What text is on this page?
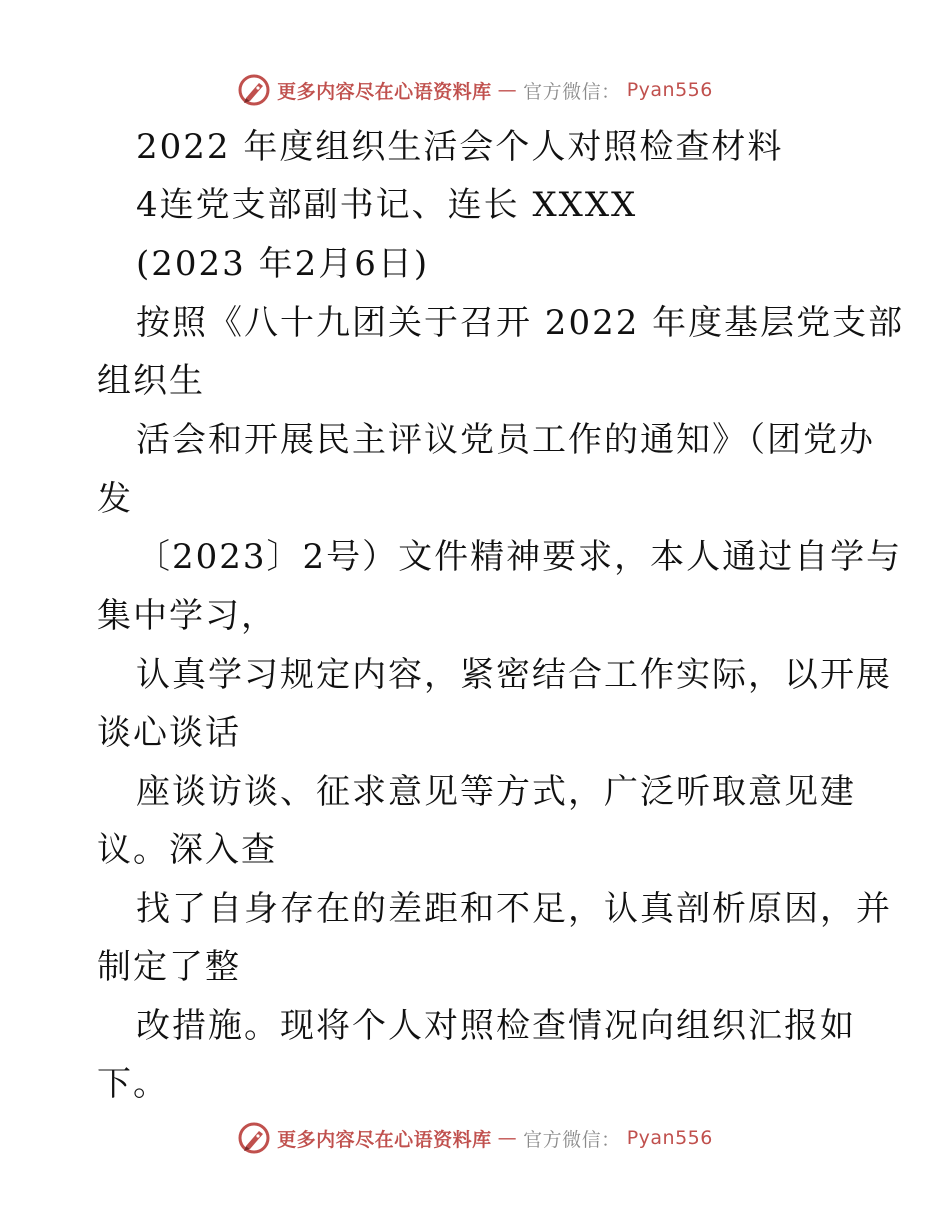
更多内容尽在心语资料库 — 官方微信： Pyan556
2022 年度组织生活会个人对照检查材料
4连党支部副书记、连长 XXXX
(2023 年2月6日)
按照《八十九团关于召开 2022 年度基层党支部
组织生
活会和开展民主评议党员工作的通知》（团党办
发
〔2023〕2号）文件精神要求，本人通过自学与
集中学习，
认真学习规定内容，紧密结合工作实际，以开展
谈心谈话
座谈访谈、征求意见等方式，广泛听取意见建
议。深入查
找了自身存在的差距和不足，认真剖析原因，并
制定了整
改措施。现将个人对照检查情况向组织汇报如
下。
更多内容尽在心语资料库 — 官方微信： Pyan556
